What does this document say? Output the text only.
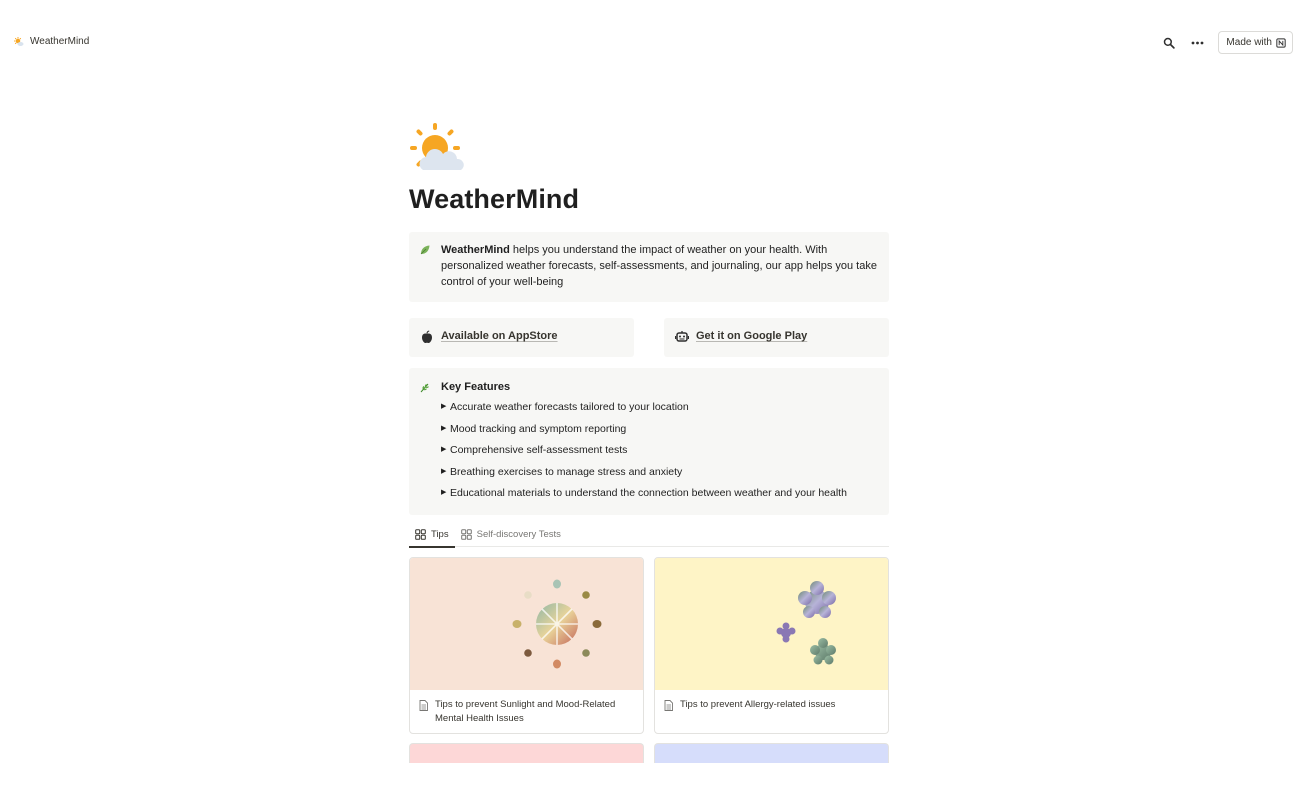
WeatherMind	Made with
WeatherMind
WeatherMind helps you understand the impact of weather on your health. With personalized weather forecasts, self-assessments, and journaling, our app helps you take control of your well-being
Available on AppStore	Get it on Google Play
Key Features
▶ Accurate weather forecasts tailored to your location
▶ Mood tracking and symptom reporting
▶ Comprehensive self-assessment tests
▶ Breathing exercises to manage stress and anxiety
▶ Educational materials to understand the connection between weather and your health
Tips	Self-discovery Tests
Tips to prevent Sunlight and Mood-Related Mental Health Issues
Tips to prevent Allergy-related issues
